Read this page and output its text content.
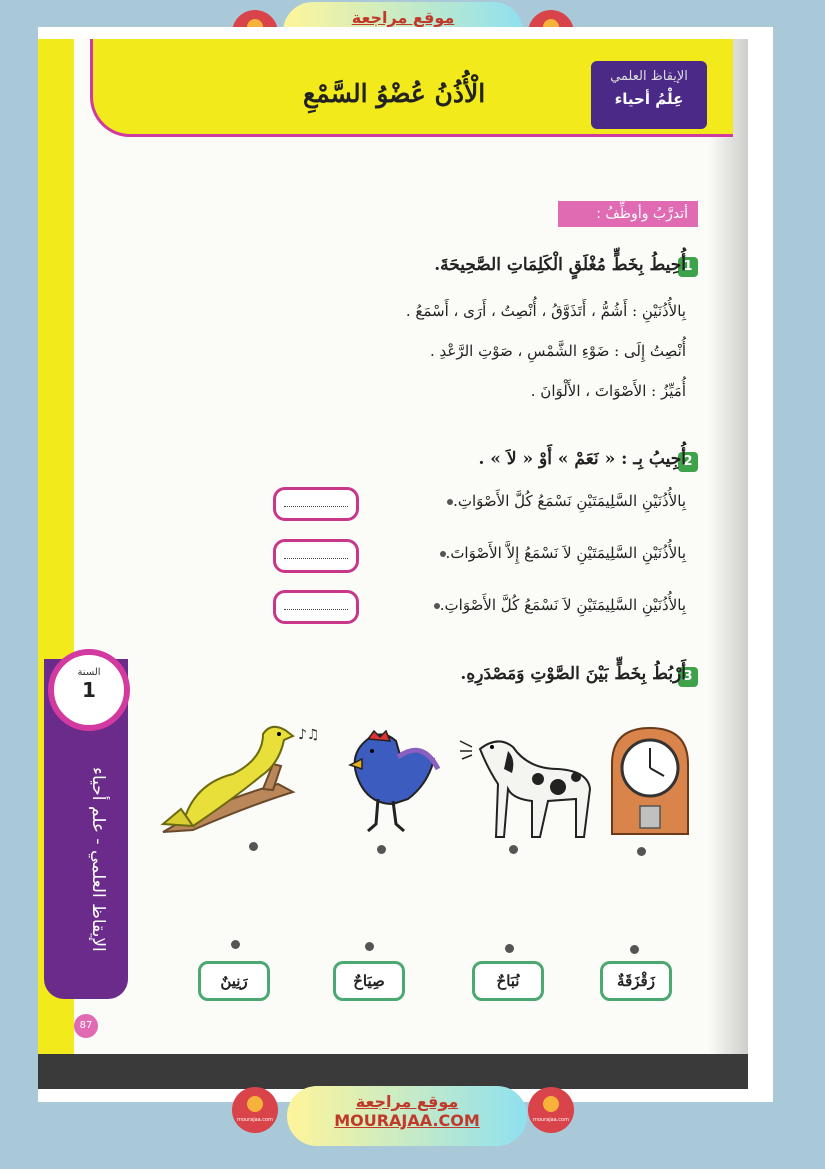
موقع مراجعة
الْأُذُنُ عُضْوُ السَّمْعِ
الإيقاظ العلمي
عِلْمُ أحياء
أتدرَّبُ وأوظِّفُ :
1
أُحِيطُ بِخَطٍّ مُغْلَقٍ الْكَلِمَاتِ الصَّحِيحَةَ.
بِالأُذُنَيْنِ : أَشُمُّ ، أَتَذَوَّقُ ، أُنْصِتُ ، أَرَى ، أَسْمَعُ .
أُنْصِتُ إِلَى : ضَوْءِ الشَّمْسِ ، صَوْتِ الرَّعْدِ .
أُمَيِّزُ : الأَصْوَاتَ ، الأَلْوَانَ .
2
أُجِيبُ بِـ : « نَعَمْ » أَوْ « لاَ » .
بِالأُذُنَيْنِ السَّلِيمَتَيْنِ نَسْمَعُ كُلَّ الأَصْوَاتِ.
بِالأُذُنَيْنِ السَّلِيمَتَيْنِ لاَ نَسْمَعُ إِلاَّ الأَصْوَاتَ.
بِالأُذُنَيْنِ السَّلِيمَتَيْنِ لاَ نَسْمَعُ كُلَّ الأَصْوَاتِ.
3
أَرْبُطُ بِخَطٍّ بَيْنَ الصَّوْتِ وَمَصْدَرِهِ.
♪♫
زَقْزَقَةٌ
نُبَاحٌ
صِيَاحٌ
رَنِينٌ
السنة
1
الإيقاظ العلمي - علم أحياء
87
mourajaa.com
موقع مراجعة
MOURAJAA.COM	mourajaa.com
